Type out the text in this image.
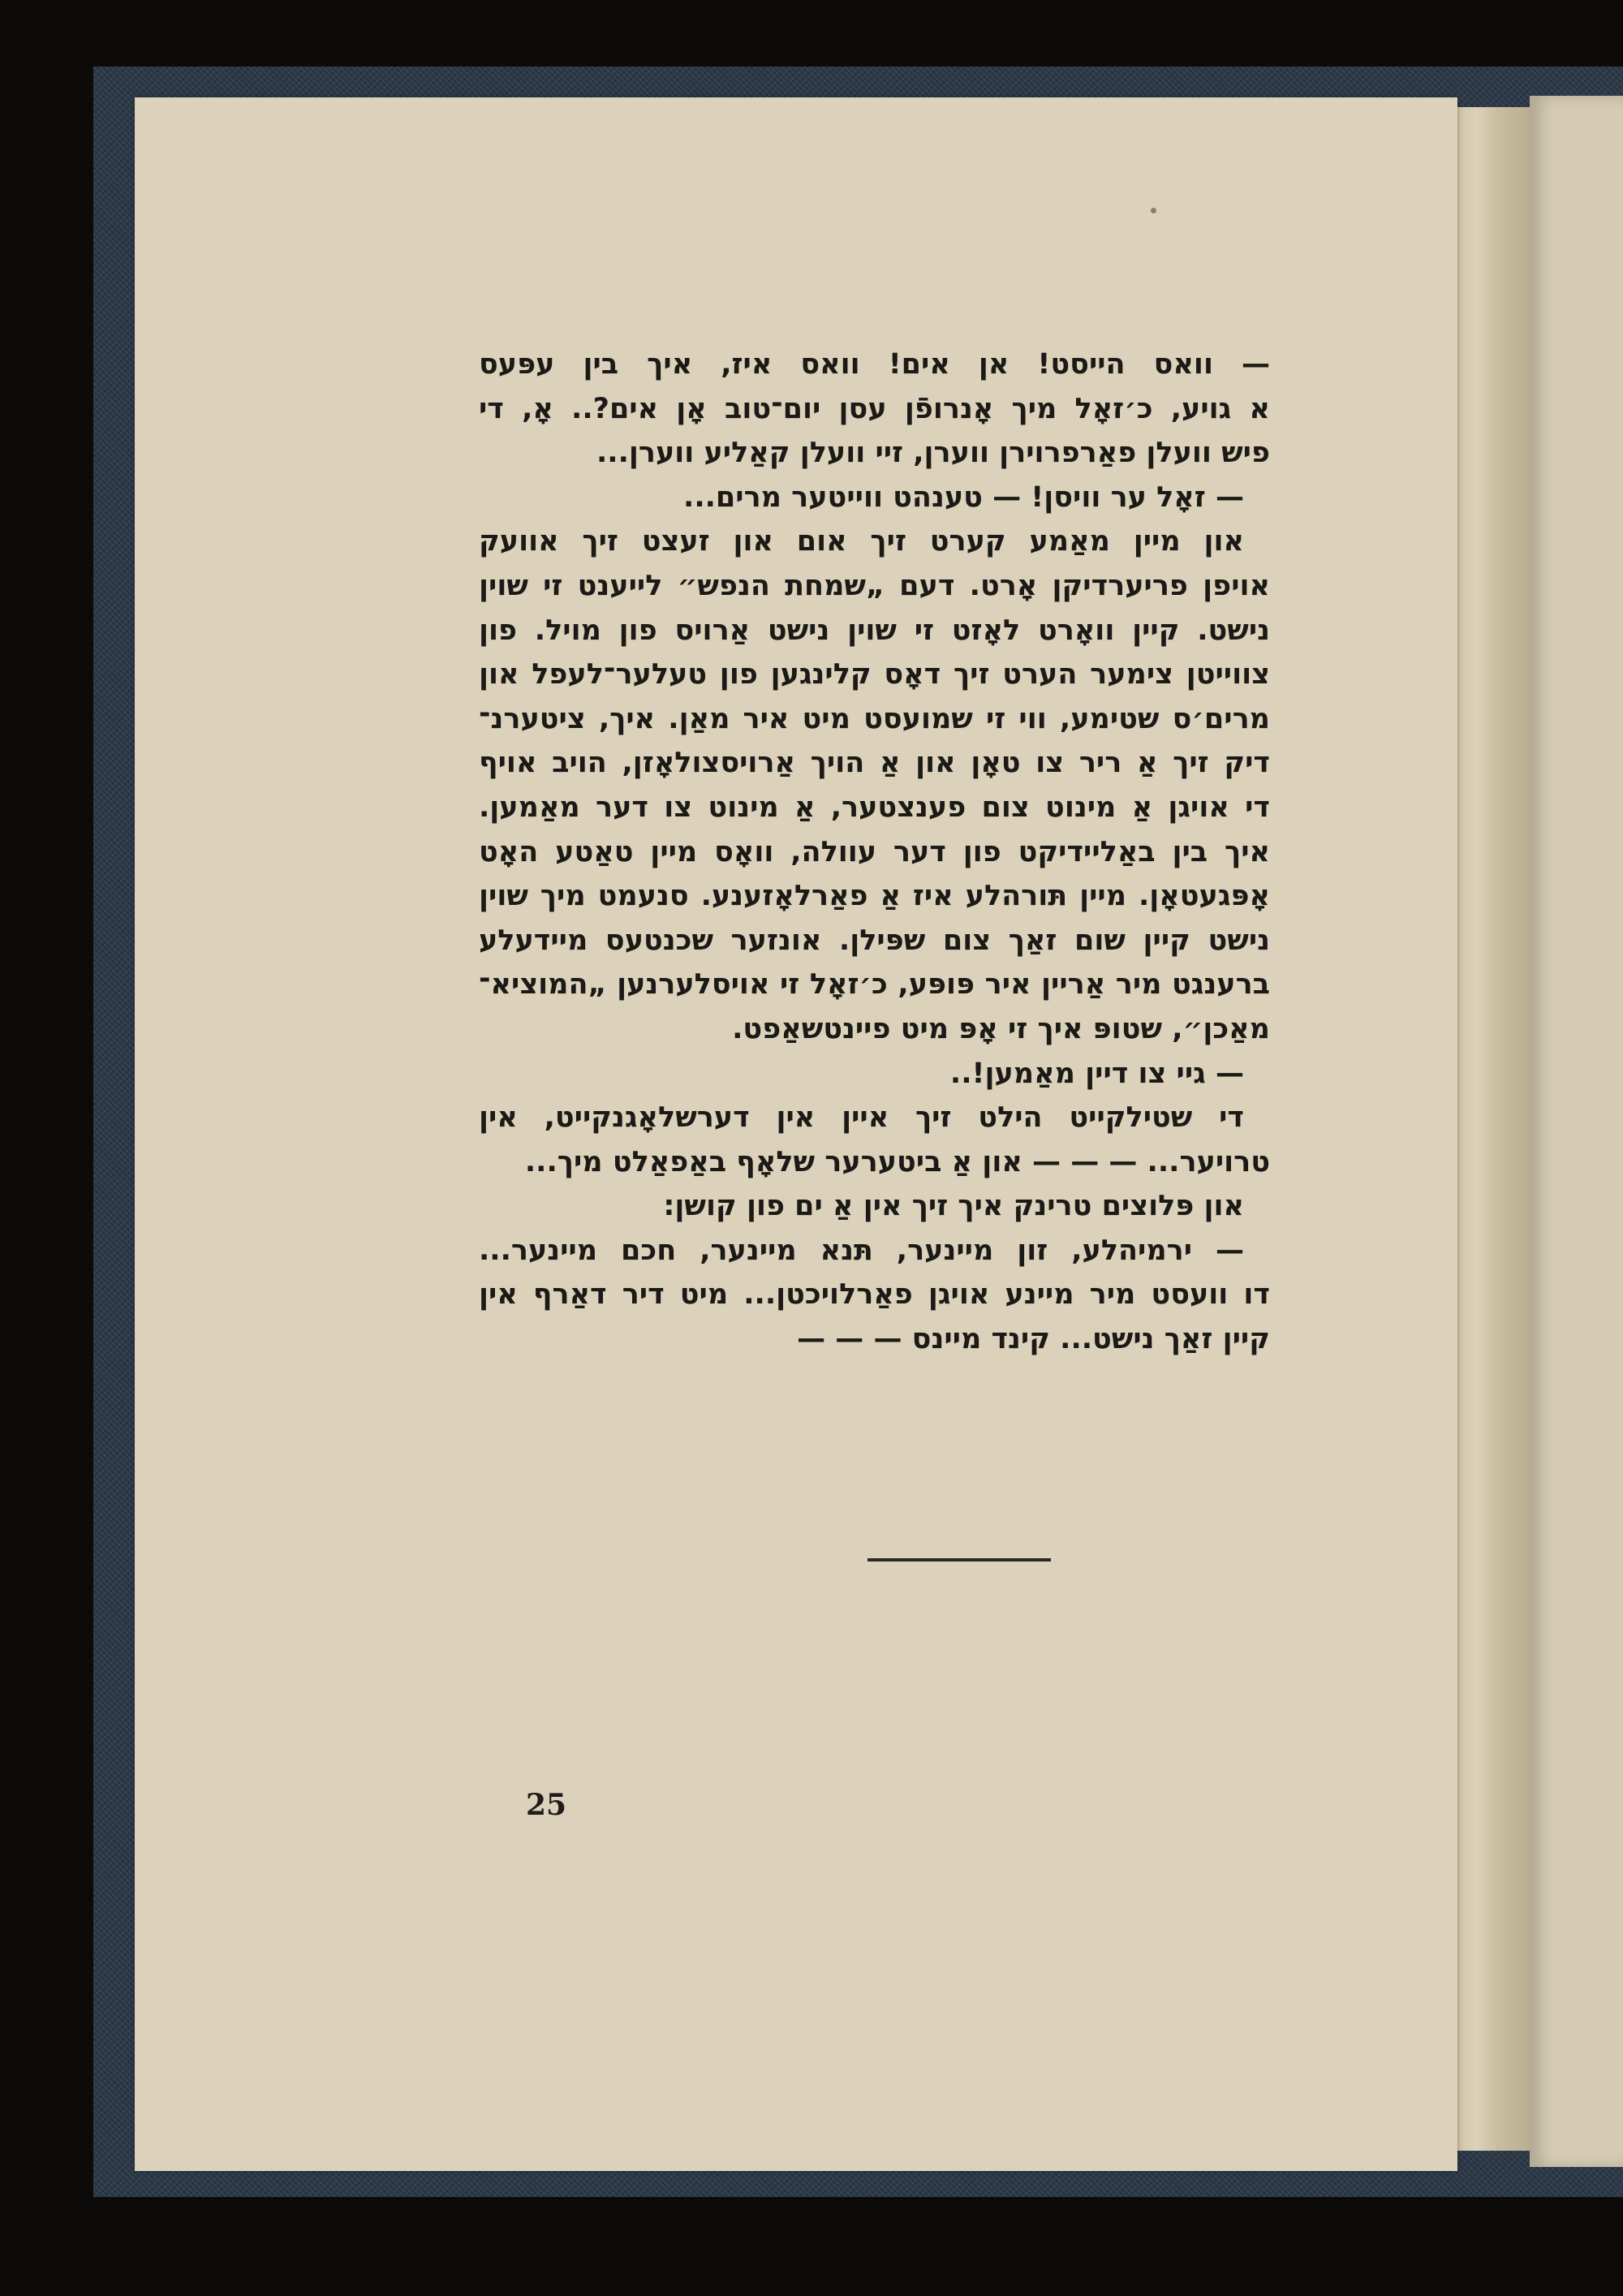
— וואס הייסט! אן אים! וואס איז, איך בין עפּעס
א גויע, כ׳זאָל מיך אָנרופֿן עסן יום־טוב אָן אים?.. אָ, די
פיש וועלן פאַרפרוירן ווערן, זיי וועלן קאַליע ווערן...
— זאָל ער וויסן! — טענהט ווייטער מרים...
און מיין מאַמע קערט זיך אום און זעצט זיך אוועק
אויפן פריערדיקן אָרט. דעם „שמחת הנפש״ לייענט זי שוין
נישט. קיין וואָרט לאָזט זי שוין נישט אַרויס פון מויל. פון
צווייטן צימער הערט זיך דאָס קלינגען פון טעלער־לעפל און
מרים׳ס שטימע, ווי זי שמועסט מיט איר מאַן. איך, ציטערנ־
דיק זיך אַ ריר צו טאָן און אַ הויך אַרויסצולאָזן, הויב אויף
די אויגן אַ מינוט צום פענצטער, אַ מינוט צו דער מאַמען.
איך בין באַליידיקט פון דער עוולה, וואָס מיין טאַטע האָט
אָפּגעטאָן. מיין תּורהלע איז אַ פאַרלאָזענע. סנעמט מיך שוין
נישט קיין שום זאַך צום שפּילן. אונזער שכנטעס מיידעלע
ברענגט מיר אַריין איר פּופּע, כ׳זאָל זי אויסלערנען „המוציא־
מאַכן״, שטופּ איך זי אָפּ מיט פיינטשאַפט.
— גיי צו דיין מאַמען!..
די שטילקייט הילט זיך איין אין דערשלאָגנקייט, אין
טרויער... — — — און אַ ביטערער שלאָף באַפאַלט מיך...
און פּלוצים טרינק איך זיך אין אַ ים פון קושן:
— ירמיהלע, זון מיינער, תּנא מיינער, חכם מיינער...
דו וועסט מיר מיינע אויגן פאַרלויכטן... מיט דיר דאַרף אין
קיין זאַך נישט... קינד מיינס — — —
25
